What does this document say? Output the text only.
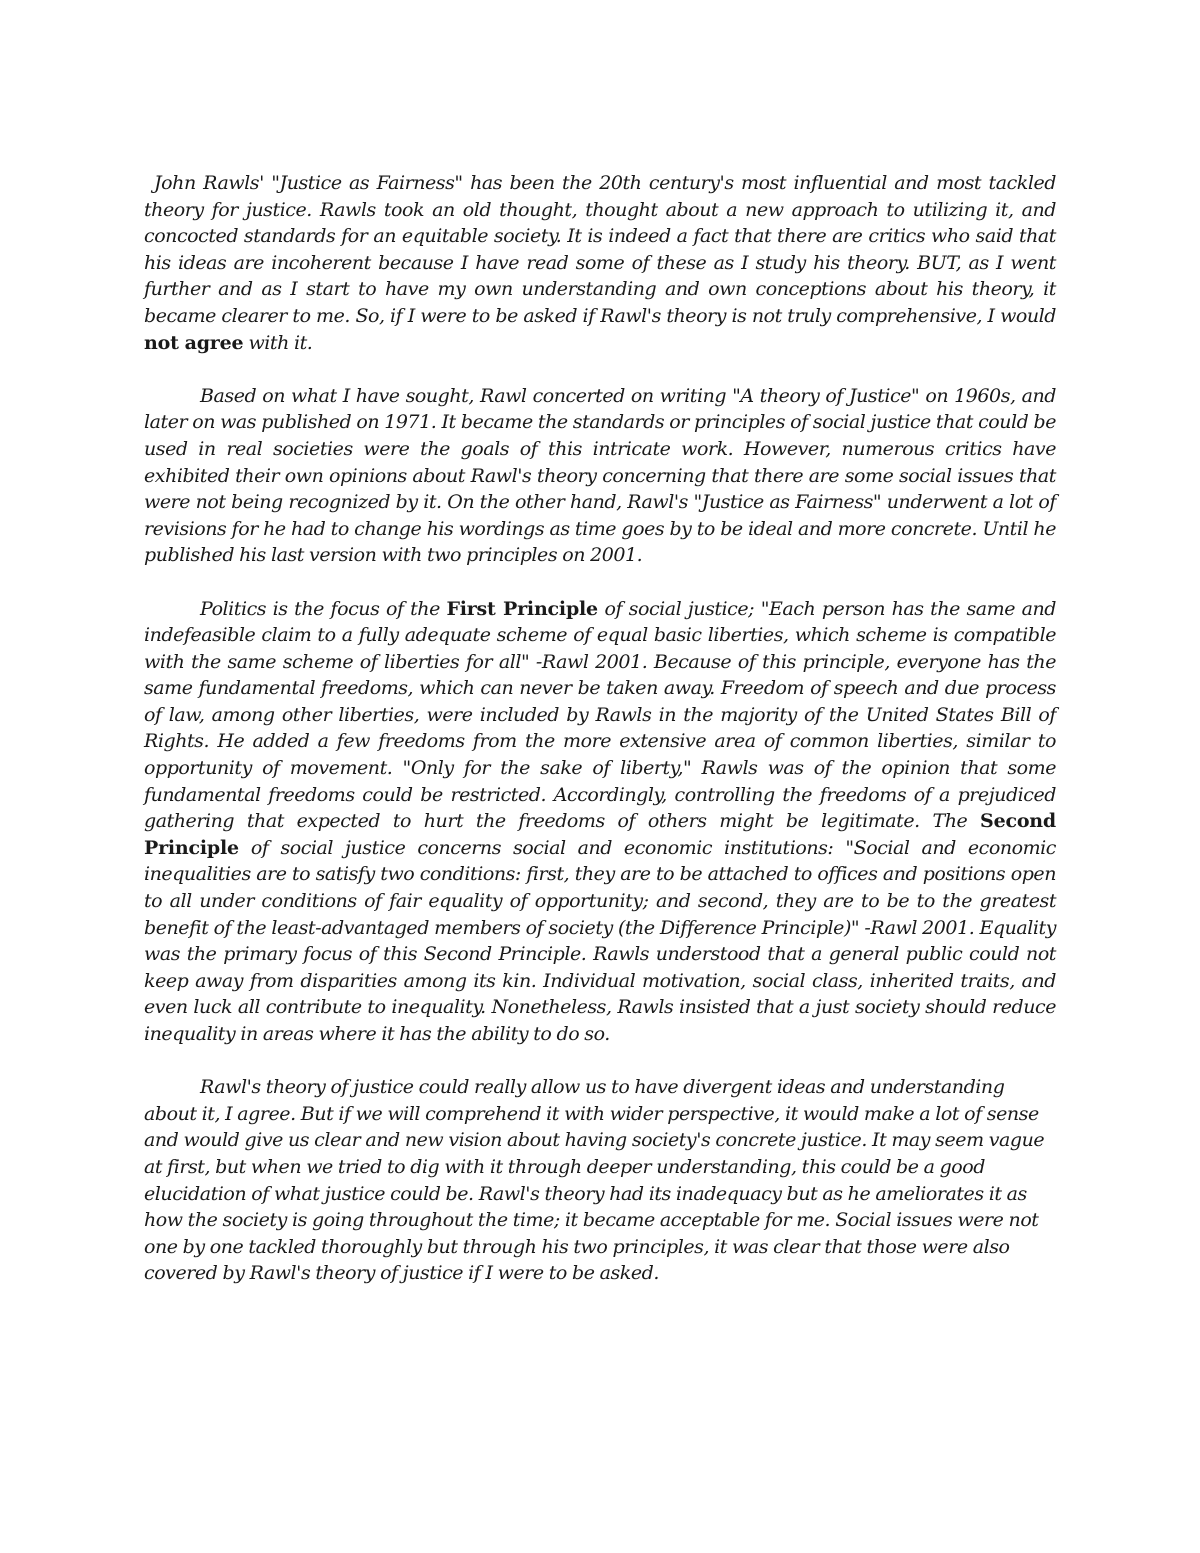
John Rawls' "Justice as Fairness" has been the 20th century's most influential and most tackled theory for justice. Rawls took an old thought, thought about a new approach to utilizing it, and concocted standards for an equitable society. It is indeed a fact that there are critics who said that his ideas are incoherent because I have read some of these as I study his theory. BUT, as I went further and as I start to have my own understanding and own conceptions about his theory, it became clearer to me. So, if I were to be asked if Rawl's theory is not truly comprehensive, I would not agree with it.

Based on what I have sought, Rawl concerted on writing "A theory of Justice" on 1960s, and later on was published on 1971. It became the standards or principles of social justice that could be used in real societies were the goals of this intricate work. However, numerous critics have exhibited their own opinions about Rawl's theory concerning that there are some social issues that were not being recognized by it. On the other hand, Rawl's "Justice as Fairness" underwent a lot of revisions for he had to change his wordings as time goes by to be ideal and more concrete. Until he published his last version with two principles on 2001.

Politics is the focus of the First Principle of social justice; "Each person has the same and indefeasible claim to a fully adequate scheme of equal basic liberties, which scheme is compatible with the same scheme of liberties for all" -Rawl 2001. Because of this principle, everyone has the same fundamental freedoms, which can never be taken away. Freedom of speech and due process of law, among other liberties, were included by Rawls in the majority of the United States Bill of Rights. He added a few freedoms from the more extensive area of common liberties, similar to opportunity of movement. "Only for the sake of liberty," Rawls was of the opinion that some fundamental freedoms could be restricted. Accordingly, controlling the freedoms of a prejudiced gathering that expected to hurt the freedoms of others might be legitimate. The Second Principle of social justice concerns social and economic institutions: "Social and economic inequalities are to satisfy two conditions: first, they are to be attached to offices and positions open to all under conditions of fair equality of opportunity; and second, they are to be to the greatest benefit of the least-advantaged members of society (the Difference Principle)" -Rawl 2001. Equality was the primary focus of this Second Principle. Rawls understood that a general public could not keep away from disparities among its kin. Individual motivation, social class, inherited traits, and even luck all contribute to inequality. Nonetheless, Rawls insisted that a just society should reduce inequality in areas where it has the ability to do so.

Rawl's theory of justice could really allow us to have divergent ideas and understanding about it, I agree. But if we will comprehend it with wider perspective, it would make a lot of sense and would give us clear and new vision about having society's concrete justice. It may seem vague at first, but when we tried to dig with it through deeper understanding, this could be a good elucidation of what justice could be. Rawl's theory had its inadequacy but as he ameliorates it as how the society is going throughout the time; it became acceptable for me. Social issues were not one by one tackled thoroughly but through his two principles, it was clear that those were also covered by Rawl's theory of justice if I were to be asked.
